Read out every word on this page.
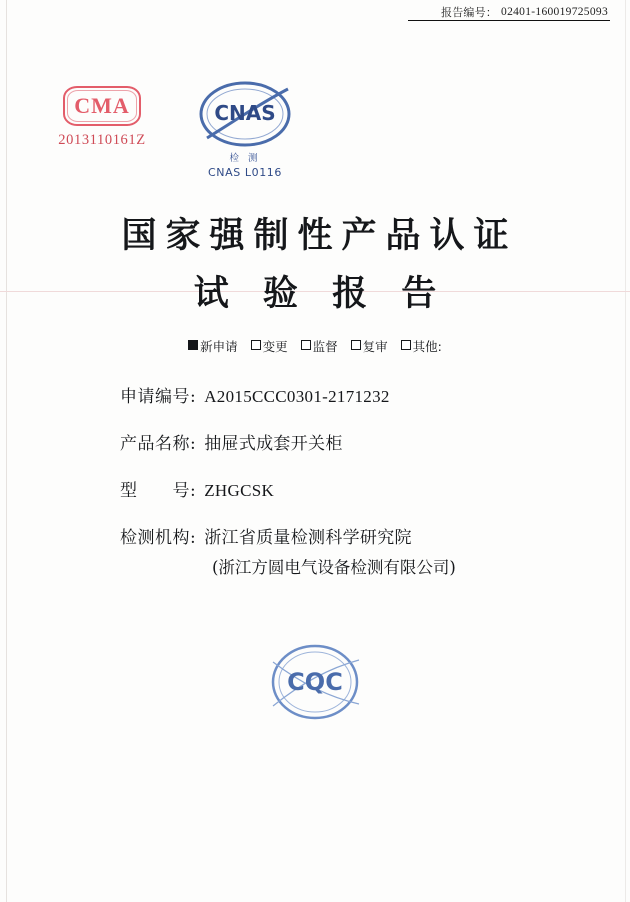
报告编号： 02401-160019725093
CMA
2013110161Z
CNAS
检 测
CNAS L0116
国家强制性产品认证
试 验 报 告
新申请 变更 监督 复审 其他:
申请编号: A2015CCC0301-2171232
产品名称: 抽屉式成套开关柜
型　　号: ZHGCSK
检测机构: 浙江省质量检测科学研究院
(浙江方圆电气设备检测有限公司)
CQC
